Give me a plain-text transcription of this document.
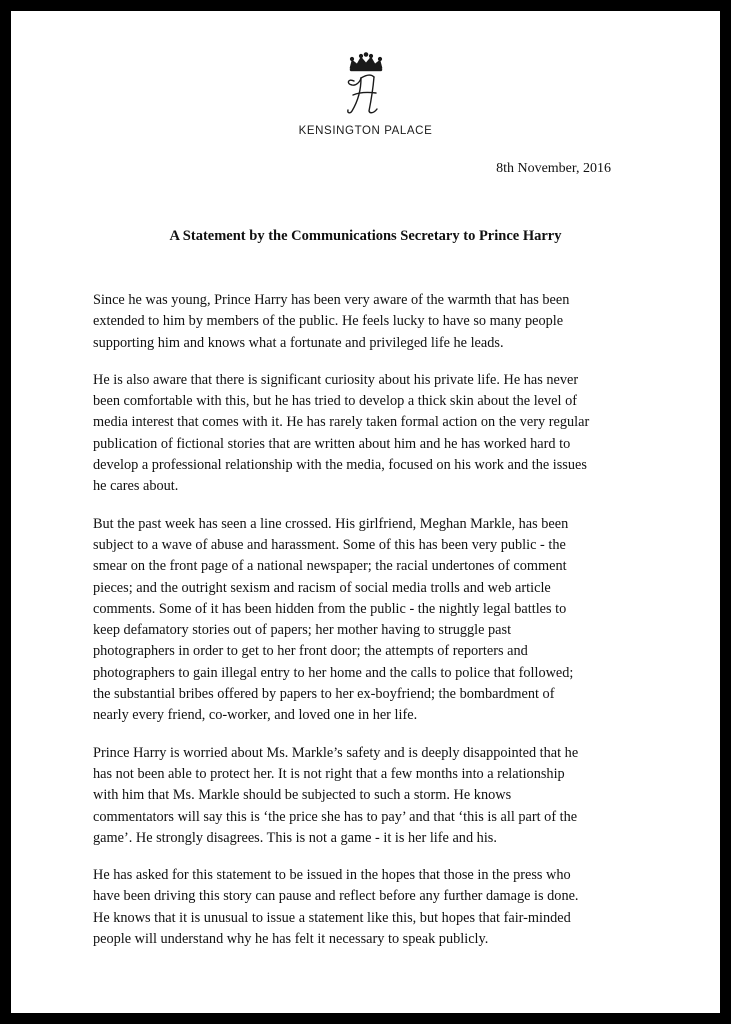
KENSINGTON PALACE
8th November, 2016
A Statement by the Communications Secretary to Prince Harry

Since he was young, Prince Harry has been very aware of the warmth that has been
extended to him by members of the public. He feels lucky to have so many people
supporting him and knows what a fortunate and privileged life he leads.

He is also aware that there is significant curiosity about his private life. He has never
been comfortable with this, but he has tried to develop a thick skin about the level of
media interest that comes with it. He has rarely taken formal action on the very regular
publication of fictional stories that are written about him and he has worked hard to
develop a professional relationship with the media, focused on his work and the issues
he cares about.

But the past week has seen a line crossed. His girlfriend, Meghan Markle, has been
subject to a wave of abuse and harassment. Some of this has been very public - the
smear on the front page of a national newspaper; the racial undertones of comment
pieces; and the outright sexism and racism of social media trolls and web article
comments. Some of it has been hidden from the public - the nightly legal battles to
keep defamatory stories out of papers; her mother having to struggle past
photographers in order to get to her front door; the attempts of reporters and
photographers to gain illegal entry to her home and the calls to police that followed;
the substantial bribes offered by papers to her ex-boyfriend; the bombardment of
nearly every friend, co-worker, and loved one in her life.

Prince Harry is worried about Ms. Markle’s safety and is deeply disappointed that he
has not been able to protect her. It is not right that a few months into a relationship
with him that Ms. Markle should be subjected to such a storm. He knows
commentators will say this is ‘the price she has to pay’ and that ‘this is all part of the
game’. He strongly disagrees. This is not a game - it is her life and his.

He has asked for this statement to be issued in the hopes that those in the press who
have been driving this story can pause and reflect before any further damage is done.
He knows that it is unusual to issue a statement like this, but hopes that fair-minded
people will understand why he has felt it necessary to speak publicly.
